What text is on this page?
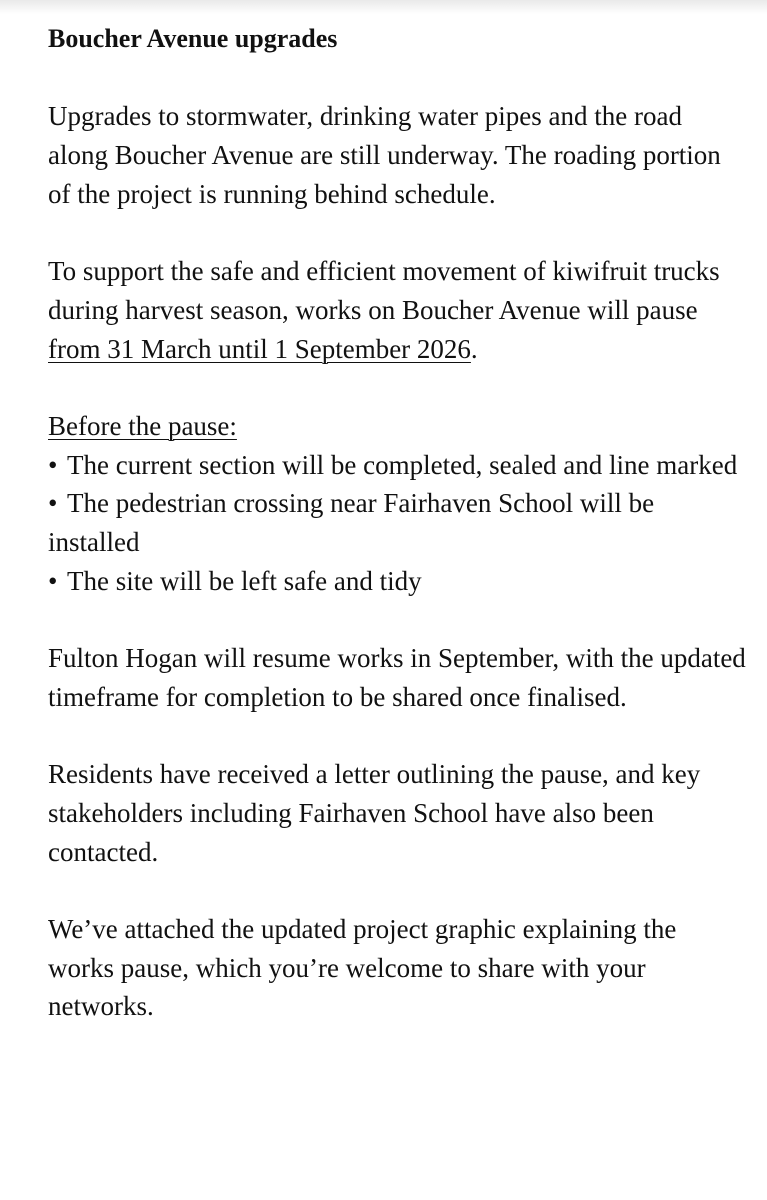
Boucher Avenue upgrades

Upgrades to stormwater, drinking water pipes and the road along Boucher Avenue are still underway. The roading portion of the project is running behind schedule.

To support the safe and efficient movement of kiwifruit trucks during harvest season, works on Boucher Avenue will pause from 31 March until 1 September 2026.

Before the pause:
• The current section will be completed, sealed and line marked
• The pedestrian crossing near Fairhaven School will be installed
• The site will be left safe and tidy

Fulton Hogan will resume works in September, with the updated timeframe for completion to be shared once finalised.

Residents have received a letter outlining the pause, and key stakeholders including Fairhaven School have also been contacted.

We’ve attached the updated project graphic explaining the works pause, which you’re welcome to share with your networks.
